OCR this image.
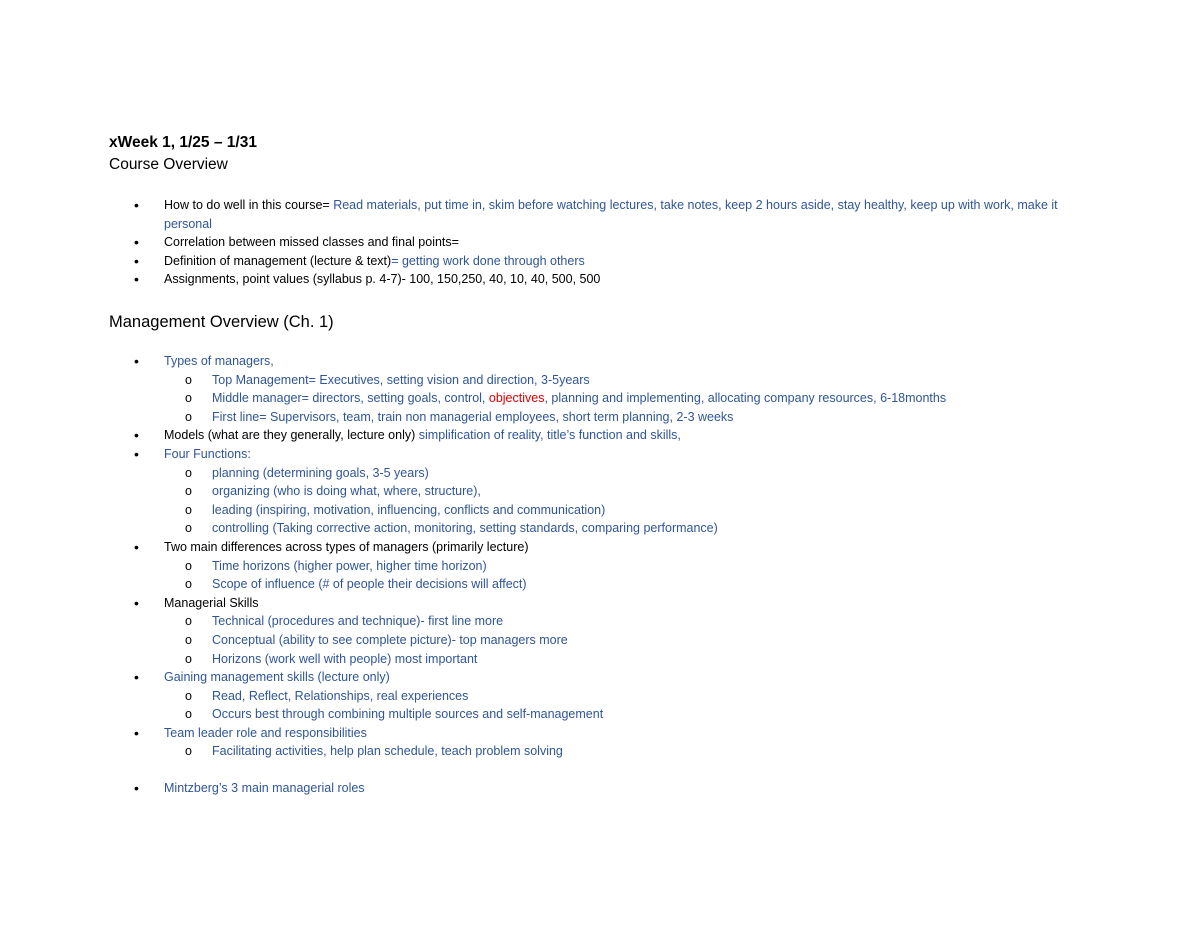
xWeek 1, 1/25 – 1/31

Course Overview

• How to do well in this course= Read materials, put time in, skim before watching lectures, take notes, keep 2 hours aside, stay healthy, keep up with work, make it personal
• Correlation between missed classes and final points=
• Definition of management (lecture & text)= getting work done through others
• Assignments, point values (syllabus p. 4-7)- 100, 150,250, 40, 10, 40, 500, 500

Management Overview (Ch. 1)

• Types of managers,
o Top Management= Executives, setting vision and direction, 3-5years
o Middle manager= directors, setting goals, control, objectives, planning and implementing, allocating company resources, 6-18months
o First line= Supervisors, team, train non managerial employees, short term planning, 2-3 weeks
• Models (what are they generally, lecture only) simplification of reality, title’s function and skills,
• Four Functions:
o planning (determining goals, 3-5 years)
o organizing (who is doing what, where, structure),
o leading (inspiring, motivation, influencing, conflicts and communication)
o controlling (Taking corrective action, monitoring, setting standards, comparing performance)
• Two main differences across types of managers (primarily lecture)
o Time horizons (higher power, higher time horizon)
o Scope of influence (# of people their decisions will affect)
• Managerial Skills
o Technical (procedures and technique)- first line more
o Conceptual (ability to see complete picture)- top managers more
o Horizons (work well with people) most important
• Gaining management skills (lecture only)
o Read, Reflect, Relationships, real experiences
o Occurs best through combining multiple sources and self-management
• Team leader role and responsibilities
o Facilitating activities, help plan schedule, teach problem solving
• Mintzberg’s 3 main managerial roles
